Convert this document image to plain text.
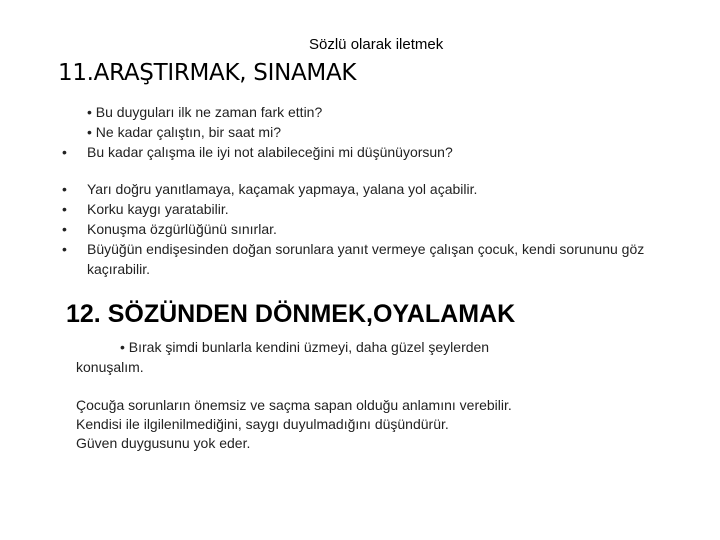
Sözlü olarak iletmek
11.ARAŞTIRMAK, SINAMAK
• Bu duyguları ilk ne zaman fark ettin?
• Ne kadar çalıştın, bir saat mi?
• Bu kadar çalışma ile iyi not alabileceğini mi düşünüyorsun?
• Yarı doğru yanıtlamaya, kaçamak yapmaya, yalana yol açabilir.
• Korku kaygı yaratabilir.
• Konuşma özgürlüğünü sınırlar.
• Büyüğün endişesinden doğan sorunlara yanıt vermeye çalışan çocuk, kendi sorununu göz
kaçırabilir.
12. SÖZÜNDEN DÖNMEK,OYALAMAK
• Bırak şimdi bunlarla kendini üzmeyi, daha güzel şeylerden
konuşalım.
Çocuğa sorunların önemsiz ve saçma sapan olduğu anlamını verebilir.
Kendisi ile ilgilenilmediğini, saygı duyulmadığını düşündürür.
Güven duygusunu yok eder.
